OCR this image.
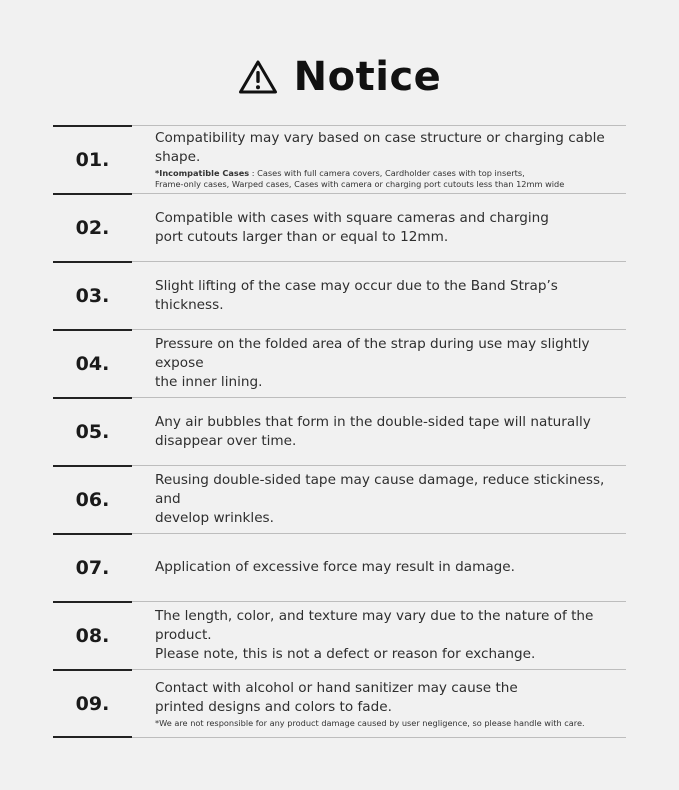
Notice
01.
Compatibility may vary based on case structure or charging cable shape.
*Incompatible Cases : Cases with full camera covers, Cardholder cases with top inserts,
Frame-only cases, Warped cases, Cases with camera or charging port cutouts less than 12mm wide
02.	Compatible with cases with square cameras and charging
port cutouts larger than or equal to 12mm.
03.	Slight lifting of the case may occur due to the Band Strap’s thickness.
04.
Pressure on the folded area of the strap during use may slightly expose
the inner lining.
05.	Any air bubbles that form in the double-sided tape will naturally
disappear over time.
06.
Reusing double-sided tape may cause damage, reduce stickiness, and
develop wrinkles.
07.	Application of excessive force may result in damage.
08.
The length, color, and texture may vary due to the nature of the product.
Please note, this is not a defect or reason for exchange.
09.
Contact with alcohol or hand sanitizer may cause the
printed designs and colors to fade.
*We are not responsible for any product damage caused by user negligence, so please handle with care.
